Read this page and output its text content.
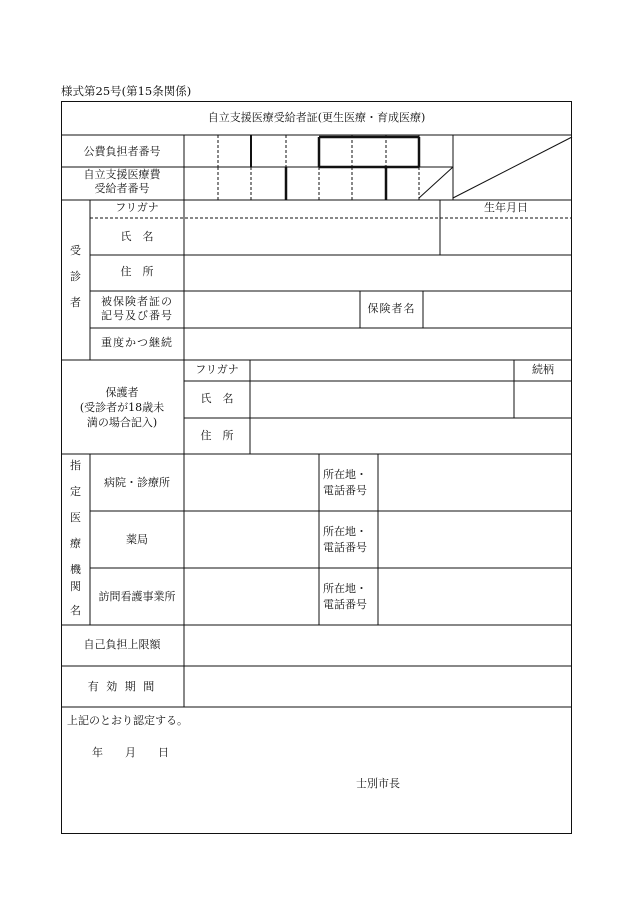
様式第25号(第15条関係)
自立支援医療受給者証(更生医療・育成医療)
公費負担者番号
自立支援医療費
受給者番号
受
診
者
フリガナ	生年月日
氏　名
住　所
被保険者証の
記号及び番号
保険者名
重度かつ継続
保護者
(受診者が18歳未
満の場合記入)
フリガナ	続柄
氏　名
住　所
指
定
医
療
機
関
名
病院・診療所
所在地・
電話番号
薬局
所在地・
電話番号
訪問看護事業所
所在地・
電話番号
自己負担上限額
有 効 期 間
上記のとおり認定する。
年　　月　　日
士別市長
